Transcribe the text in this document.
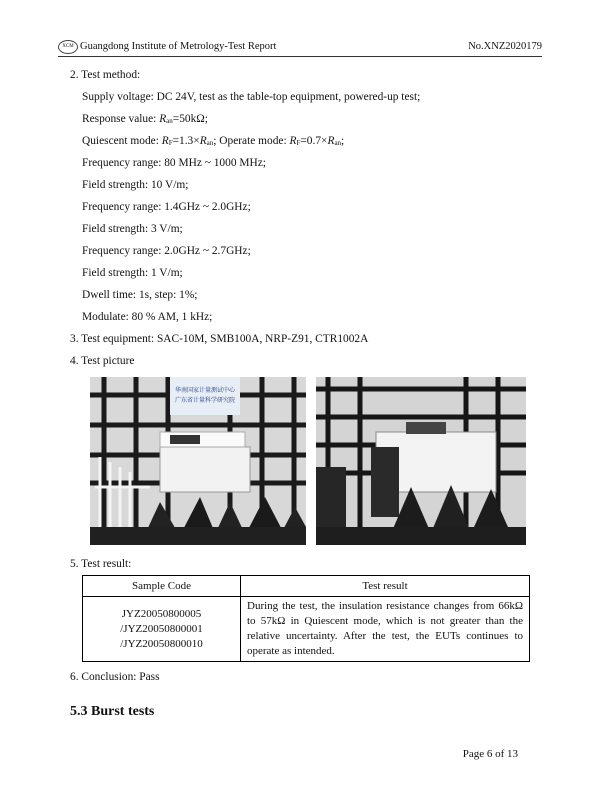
XCM Guangdong Institute of Metrology-Test Report	No.XNZ2020179
2. Test method:
Supply voltage: DC 24V, test as the table-top equipment, powered-up test;
Response value: Ran=50kΩ;
Quiescent mode: RF=1.3×Ran; Operate mode: RF=0.7×Ran;
Frequency range: 80 MHz ~ 1000 MHz;
Field strength: 10 V/m;
Frequency range: 1.4GHz ~ 2.0GHz;
Field strength: 3 V/m;
Frequency range: 2.0GHz ~ 2.7GHz;
Field strength: 1 V/m;
Dwell time: 1s, step: 1%;
Modulate: 80 % AM, 1 kHz;
3. Test equipment: SAC-10M, SMB100A, NRP-Z91, CTR1002A
4. Test picture
华南国家计量测试中心
广东省计量科学研究院
5. Test result:
Sample Code	Test result

JYZ20050800005
/JYZ20050800001
/JYZ20050800010	During the test, the insulation resistance changes from 66kΩ to 57kΩ in Quiescent mode, which is not greater than the relative uncertainty. After the test, the EUTs continues to operate as intended.
6. Conclusion: Pass
5.3 Burst tests
Page 6 of 13
